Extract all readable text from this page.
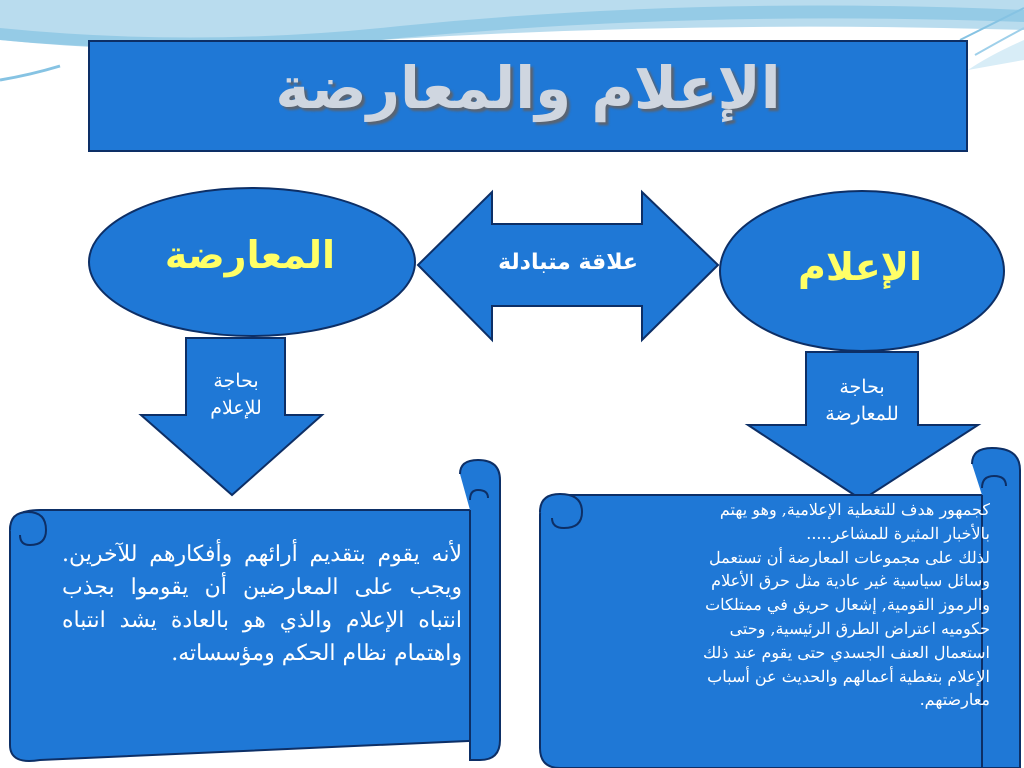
الإعلام والمعارضة
الإعلام
المعارضة	علاقة متبادلة
بحاجة
للإعلام
بحاجة
للمعارضة
لأنه يقوم بتقديم أرائهم وأفكارهم للآخرين. ويجب على المعارضين أن يقوموا بجذب انتباه الإعلام والذي هو بالعادة يشد انتباه واهتمام نظام الحكم ومؤسساته.
كجمهور هدف للتغطية الإعلامية, وهو يهتم
بالأخبار المثيرة للمشاعر.....
لذلك على مجموعات المعارضة أن تستعمل
وسائل سياسية غير عادية مثل حرق الأعلام
والرموز القومية, إشعال حريق في ممتلكات
حكوميه اعتراض الطرق الرئيسية, وحتى
استعمال العنف الجسدي حتى يقوم عند ذلك
الإعلام بتغطية أعمالهم والحديث عن أسباب
معارضتهم.
